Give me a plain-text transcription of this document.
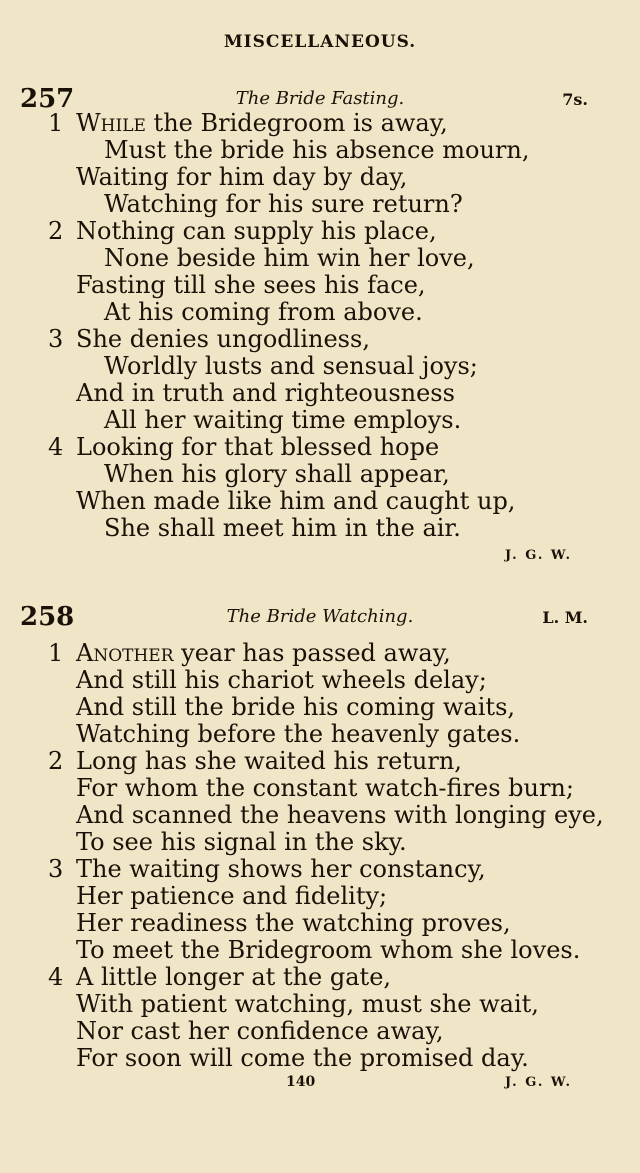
MISCELLANEOUS.
257	The Bride Fasting.	7s.
1 While the Bridegroom is away,
Must the bride his absence mourn,
Waiting for him day by day,
Watching for his sure return?
2 Nothing can supply his place,
None beside him win her love,
Fasting till she sees his face,
At his coming from above.
3 She denies ungodliness,
Worldly lusts and sensual joys;
And in truth and righteousness
All her waiting time employs.
4 Looking for that blessed hope
When his glory shall appear,
When made like him and caught up,
She shall meet him in the air.
J. G. W.
258	The Bride Watching.	L. M.
1 Another year has passed away,
And still his chariot wheels delay;
And still the bride his coming waits,
Watching before the heavenly gates.
2 Long has she waited his return,
For whom the constant watch-fires burn;
And scanned the heavens with longing eye,
To see his signal in the sky.
3 The waiting shows her constancy,
Her patience and fidelity;
Her readiness the watching proves,
To meet the Bridegroom whom she loves.
4 A little longer at the gate,
With patient watching, must she wait,
Nor cast her confidence away,
For soon will come the promised day.
140	J. G. W.
